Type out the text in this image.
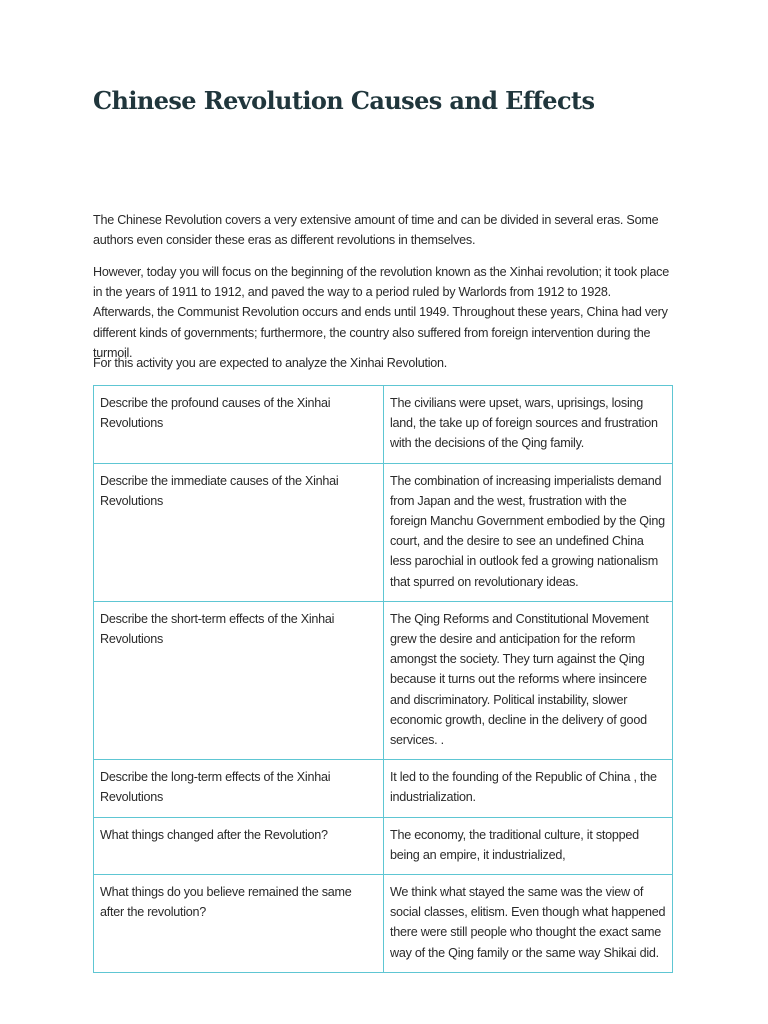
Chinese Revolution Causes and Effects

The Chinese Revolution covers a very extensive amount of time and can be divided in several eras. Some authors even consider these eras as different revolutions in themselves.

However, today you will focus on the beginning of the revolution known as the Xinhai revolution; it took place in the years of 1911 to 1912, and paved the way to a period ruled by Warlords from 1912 to 1928. Afterwards, the Communist Revolution occurs and ends until 1949. Throughout these years, China had very different kinds of governments; furthermore, the country also suffered from foreign intervention during the turmoil.

For this activity you are expected to analyze the Xinhai Revolution.

Describe the profound causes of the Xinhai Revolutions	The civilians were upset, wars, uprisings, losing land, the take up of foreign sources and frustration with the decisions of the Qing family.
Describe the immediate causes of the Xinhai Revolutions	The combination of increasing imperialists demand from Japan and the west, frustration with the foreign Manchu Government embodied by the Qing court, and the desire to see an undefined China less parochial in outlook fed a growing nationalism that spurred on revolutionary ideas.
Describe the short-term effects of the Xinhai Revolutions	The Qing Reforms and Constitutional Movement grew the desire and anticipation for the reform amongst the society. They turn against the Qing because it turns out the reforms where insincere and discriminatory. Political instability, slower economic growth, decline in the delivery of good services. .
Describe the long-term effects of the Xinhai Revolutions	It led to the founding of the Republic of China , the industrialization.
What things changed after the Revolution?	The economy, the traditional culture, it stopped being an empire, it industrialized,
What things do you believe remained the same after the revolution?	We think what stayed the same was the view of social classes, elitism. Even though what happened there were still people who thought the exact same way of the Qing family or the same way Shikai did.
